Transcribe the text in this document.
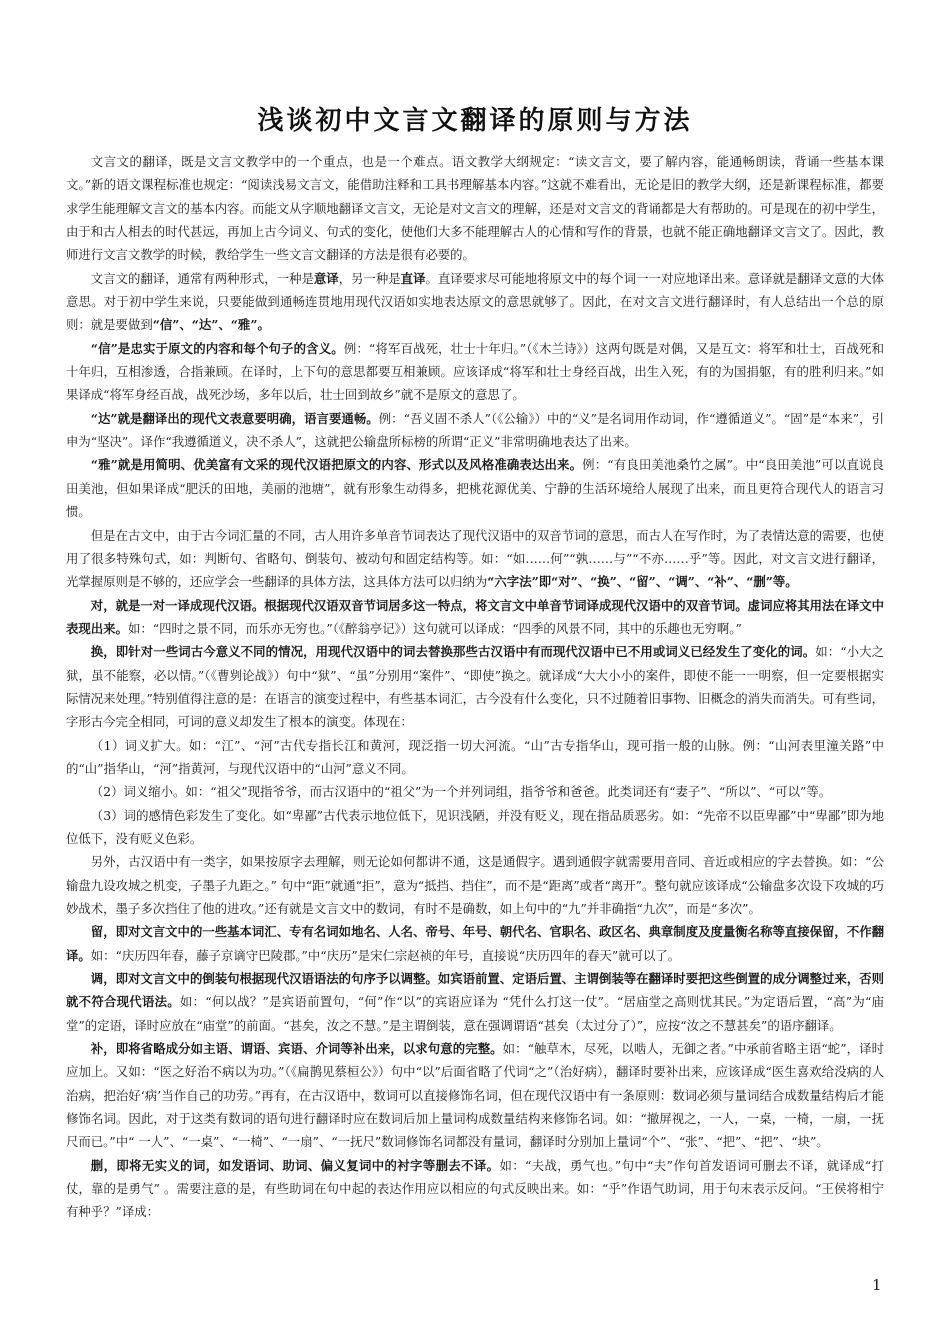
浅谈初中文言文翻译的原则与方法

文言文的翻译，既是文言文教学中的一个重点，也是一个难点。语文教学大纲规定：“读文言文，要了解内容，能通畅朗读，背诵一些基本课文。”新的语文课程标准也规定：“阅读浅易文言文，能借助注释和工具书理解基本内容。”这就不难看出，无论是旧的教学大纲，还是新课程标准，都要求学生能理解文言文的基本内容。而能文从字顺地翻译文言文，无论是对文言文的理解，还是对文言文的背诵都是大有帮助的。可是现在的初中学生，由于和古人相去的时代甚远，再加上古今词义、句式的变化，使他们大多不能理解古人的心情和写作的背景，也就不能正确地翻译文言文了。因此，教师进行文言文教学的时候，教给学生一些文言文翻译的方法是很有必要的。

文言文的翻译，通常有两种形式，一种是意译，另一种是直译。直译要求尽可能地将原文中的每个词一一对应地译出来。意译就是翻译文意的大体意思。对于初中学生来说，只要能做到通畅连贯地用现代汉语如实地表达原文的意思就够了。因此，在对文言文进行翻译时，有人总结出一个总的原则：就是要做到“信”、“达”、“雅”。

“信”是忠实于原文的内容和每个句子的含义。例：“将军百战死，壮士十年归。”（《木兰诗》）这两句既是对偶，又是互文：将军和壮士，百战死和十年归，互相渗透，合指兼顾。在译时，上下句的意思都要互相兼顾。应该译成“将军和壮士身经百战，出生入死，有的为国捐躯，有的胜利归来。”如果译成“将军身经百战，战死沙场，多年以后，壮士回到故乡”就不是原文的意思了。

“达”就是翻译出的现代文表意要明确，语言要通畅。例：“吾义固不杀人”（《公输》）中的“义”是名词用作动词，作“遵循道义”。“固”是“本来”，引申为“坚决”。译作“我遵循道义，决不杀人”，这就把公输盘所标榜的所谓“正义”非常明确地表达了出来。

“雅”就是用简明、优美富有文采的现代汉语把原文的内容、形式以及风格准确表达出来。例：“有良田美池桑竹之属”。中“良田美池”可以直说良田美池，但如果译成“肥沃的田地，美丽的池塘”，就有形象生动得多，把桃花源优美、宁静的生活环境给人展现了出来，而且更符合现代人的语言习惯。

但是在古文中，由于古今词汇量的不同，古人用许多单音节词表达了现代汉语中的双音节词的意思，而古人在写作时，为了表情达意的需要，也使用了很多特殊句式，如：判断句、省略句、倒装句、被动句和固定结构等。如：“如……何”“孰……与”“不亦……乎”等。因此，对文言文进行翻译，光掌握原则是不够的，还应学会一些翻译的具体方法，这具体方法可以归纳为“六字法”即“对”、“换”、“留”、“调”、“补”、“删”等。

对，就是一对一译成现代汉语。根据现代汉语双音节词居多这一特点，将文言文中单音节词译成现代汉语中的双音节词。虚词应将其用法在译文中表现出来。如：“四时之景不同，而乐亦无穷也。”（《醉翁亭记》）这句就可以译成：“四季的风景不同，其中的乐趣也无穷啊。”

换，即针对一些词古今意义不同的情况，用现代汉语中的词去替换那些古汉语中有而现代汉语中已不用或词义已经发生了变化的词。如：“小大之狱，虽不能察，必以情。”（《曹刿论战》）句中“狱”、“虽”分别用“案件”、“即使”换之。就译成“大大小小的案件，即使不能一一明察，但一定要根据实际情况来处理。”特别值得注意的是：在语言的演变过程中，有些基本词汇，古今没有什么变化，只不过随着旧事物、旧概念的消失而消失。可有些词，字形古今完全相同，可词的意义却发生了根本的演变。体现在：

（1）词义扩大。如：“江”、“河”古代专指长江和黄河，现泛指一切大河流。“山”古专指华山，现可指一般的山脉。例：“山河表里潼关路”中的“山”指华山，“河”指黄河，与现代汉语中的“山河”意义不同。

（2）词义缩小。如：“祖父”现指爷爷，而古汉语中的“祖父”为一个并列词组，指爷爷和爸爸。此类词还有“妻子”、“所以”、“可以”等。

（3）词的感情色彩发生了变化。如“卑鄙”古代表示地位低下，见识浅陋，并没有贬义，现在指品质恶劣。如：“先帝不以臣卑鄙”中“卑鄙”即为地位低下，没有贬义色彩。

另外，古汉语中有一类字，如果按原字去理解，则无论如何都讲不通，这是通假字。遇到通假字就需要用音同、音近或相应的字去替换。如：“公输盘九设攻城之机变，子墨子九距之。” 句中“距”就通“拒”，意为“抵挡、挡住”，而不是“距离”或者“离开”。整句就应该译成“公输盘多次设下攻城的巧妙战术，墨子多次挡住了他的进攻。”还有就是文言文中的数词，有时不是确数，如上句中的“九”并非确指“九次”，而是“多次”。

留，即对文言文中的一些基本词汇、专有名词如地名、人名、帝号、年号、朝代名、官职名、政区名、典章制度及度量衡名称等直接保留，不作翻译。如：“庆历四年春，藤子京谪守巴陵郡。”中“庆历”是宋仁宗赵祯的年号，直接说“庆历四年的春天”就可以了。

调，即对文言文中的倒装句根据现代汉语语法的句序予以调整。如宾语前置、定语后置、主谓倒装等在翻译时要把这些倒置的成分调整过来，否则就不符合现代语法。如：“何以战？”是宾语前置句，“何”作“以”的宾语应译为 “凭什么打这一仗”。“居庙堂之高则忧其民。”为定语后置，“高”为“庙堂”的定语，译时应放在“庙堂”的前面。“甚矣，汝之不慧。”是主谓倒装，意在强调谓语“甚矣（太过分了）”，应按“汝之不慧甚矣”的语序翻译。

补，即将省略成分如主语、谓语、宾语、介词等补出来，以求句意的完整。如：“触草木，尽死，以啮人，无御之者。”中承前省略主语“蛇”，译时应加上。又如：“医之好治不病以为功。”（《扁鹊见蔡桓公》）句中“以”后面省略了代词“之”（治好病），翻译时要补出来，应该译成“医生喜欢给没病的人治病，把治好‘病’当作自己的功劳。”再有，在古汉语中，数词可以直接修饰名词，但在现代汉语中有一条原则：数词必须与量词结合成数量结构后才能修饰名词。因此，对于这类有数词的语句进行翻译时应在数词后加上量词构成数量结构来修饰名词。如：“撤屏视之，一人，一桌，一椅，一扇，一抚尺而已。”中“ 一人”、“一桌”、“一椅”、“一扇”、“一抚尺”数词修饰名词都没有量词，翻译时分别加上量词“个”、“张”、“把”、“把”、“块”。

删，即将无实义的词，如发语词、助词、偏义复词中的衬字等删去不译。如：“夫战，勇气也。”句中“夫”作句首发语词可删去不译，就译成“打仗，靠的是勇气” 。需要注意的是，有些助词在句中起的表达作用应以相应的句式反映出来。如：“乎”作语气助词，用于句末表示反问。“王侯将相宁有种乎？”译成：

1
